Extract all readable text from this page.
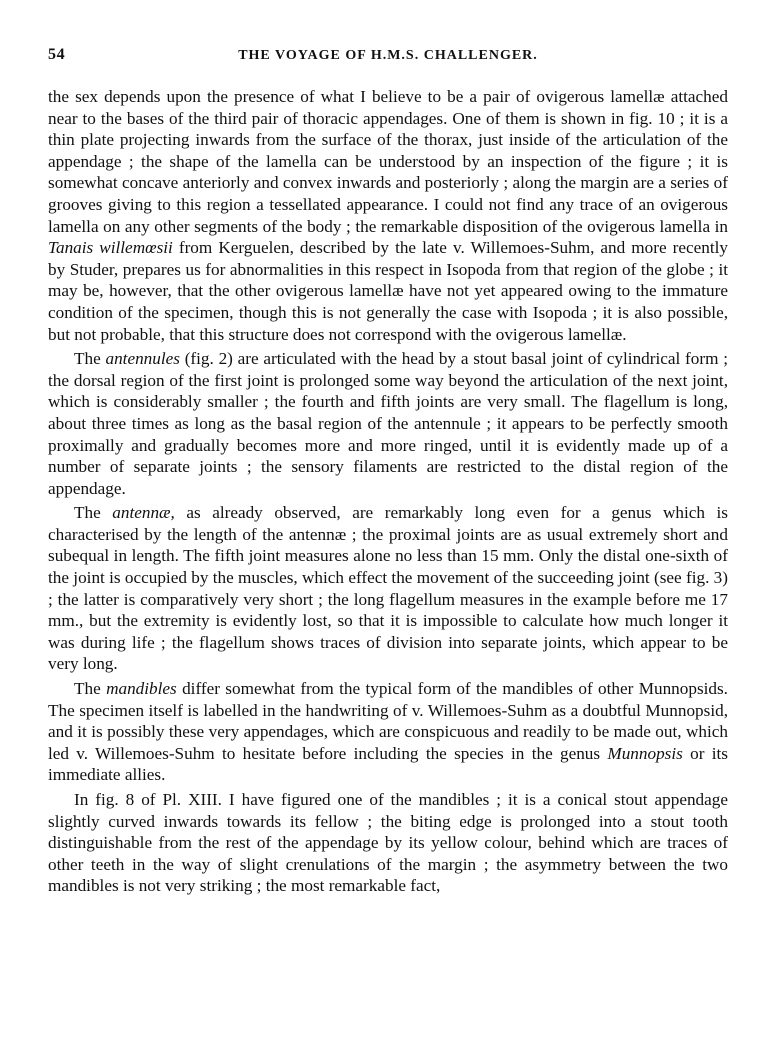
54	THE VOYAGE OF H.M.S. CHALLENGER.

the sex depends upon the presence of what I believe to be a pair of ovigerous lamellæ attached near to the bases of the third pair of thoracic appendages. One of them is shown in fig. 10 ; it is a thin plate projecting inwards from the surface of the thorax, just inside of the articulation of the appendage ; the shape of the lamella can be understood by an inspection of the figure ; it is somewhat concave anteriorly and convex inwards and posteriorly ; along the margin are a series of grooves giving to this region a tessellated appearance. I could not find any trace of an ovigerous lamella on any other segments of the body ; the remarkable disposition of the ovigerous lamella in Tanais willemœsii from Kerguelen, described by the late v. Willemoes-Suhm, and more recently by Studer, prepares us for abnormalities in this respect in Isopoda from that region of the globe ; it may be, however, that the other ovigerous lamellæ have not yet appeared owing to the immature condition of the specimen, though this is not generally the case with Isopoda ; it is also possible, but not probable, that this structure does not correspond with the ovigerous lamellæ.

The antennules (fig. 2) are articulated with the head by a stout basal joint of cylindrical form ; the dorsal region of the first joint is prolonged some way beyond the articulation of the next joint, which is considerably smaller ; the fourth and fifth joints are very small. The flagellum is long, about three times as long as the basal region of the antennule ; it appears to be perfectly smooth proximally and gradually becomes more and more ringed, until it is evidently made up of a number of separate joints ; the sensory filaments are restricted to the distal region of the appendage.

The antennæ, as already observed, are remarkably long even for a genus which is characterised by the length of the antennæ ; the proximal joints are as usual extremely short and subequal in length. The fifth joint measures alone no less than 15 mm. Only the distal one-sixth of the joint is occupied by the muscles, which effect the movement of the succeeding joint (see fig. 3) ; the latter is comparatively very short ; the long flagellum measures in the example before me 17 mm., but the extremity is evidently lost, so that it is impossible to calculate how much longer it was during life ; the flagellum shows traces of division into separate joints, which appear to be very long.

The mandibles differ somewhat from the typical form of the mandibles of other Munnopsids. The specimen itself is labelled in the handwriting of v. Willemoes-Suhm as a doubtful Munnopsid, and it is possibly these very appendages, which are conspicuous and readily to be made out, which led v. Willemoes-Suhm to hesitate before including the species in the genus Munnopsis or its immediate allies.

In fig. 8 of Pl. XIII. I have figured one of the mandibles ; it is a conical stout appendage slightly curved inwards towards its fellow ; the biting edge is prolonged into a stout tooth distinguishable from the rest of the appendage by its yellow colour, behind which are traces of other teeth in the way of slight crenulations of the margin ; the asymmetry between the two mandibles is not very striking ; the most remarkable fact,
